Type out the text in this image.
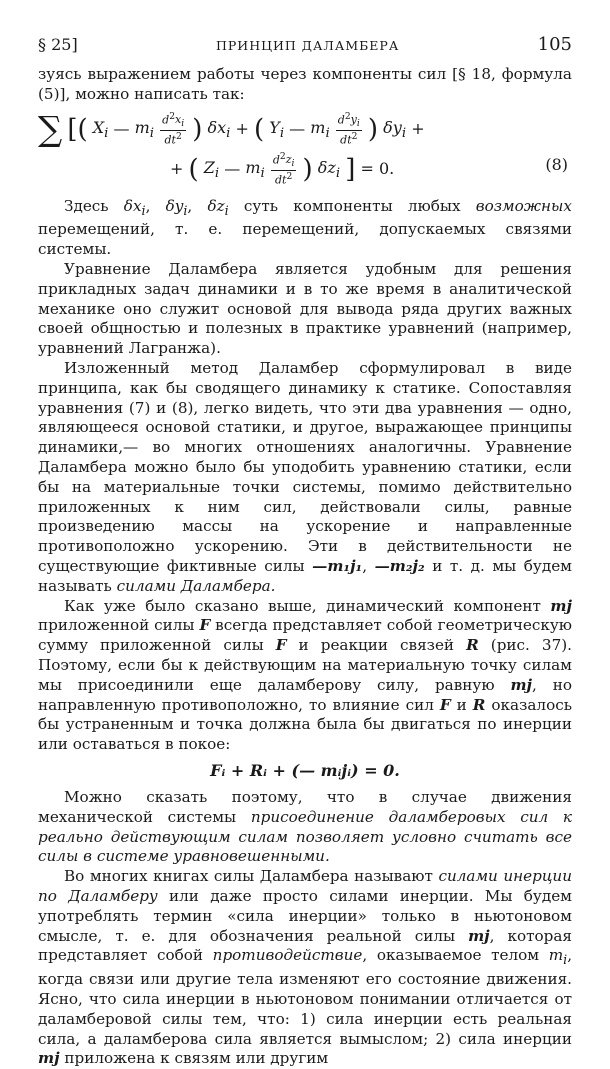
§ 25]	ПРИНЦИП ДАЛАМБЕРА	105

зуясь выражением работы через компоненты сил [§ 18, формула (5)], можно написать так:

∑ [( $X_i$ — $m_i \frac{d^2x_i}{dt^2}$ ) $\delta x_i$ + ( $Y_i$ — $m_i \frac{d^2y_i}{dt^2}$ ) $\delta y_i$ +
+ ( $Z_i$ — $m_i \frac{d^2z_i}{dt^2}$ ) $\delta z_i$ ] = 0.	(8)

Здесь $\delta x_i$, $\delta y_i$, $\delta z_i$ суть компоненты любых возможных перемещений, т. е. перемещений, допускаемых связями системы.

Уравнение Даламбера является удобным для решения прикладных задач динамики и в то же время в аналитической механике оно служит основой для вывода ряда других важных своей общностью и полезных в практике уравнений (например, уравнений Лагранжа).

Изложенный метод Даламбер сформулировал в виде принципа, как бы сводящего динамику к статике. Сопоставляя уравнения (7) и (8), легко видеть, что эти два уравнения — одно, являющееся основой статики, и другое, выражающее принципы динамики,— во многих отношениях аналогичны. Уравнение Даламбера можно было бы уподобить уравнению статики, если бы на материальные точки системы, помимо действительно приложенных к ним сил, действовали силы, равные произведению массы на ускорение и направленные противоположно ускорению. Эти в действительности не существующие фиктивные силы —m₁j₁, —m₂j₂ и т. д. мы будем называть силами Даламбера.

Как уже было сказано выше, динамический компонент mj приложенной силы F всегда представляет собой геометрическую сумму приложенной силы F и реакции связей R (рис. 37). Поэтому, если бы к действующим на материальную точку силам мы присоединили еще даламберову силу, равную mj, но направленную противоположно, то влияние сил F и R оказалось бы устраненным и точка должна была бы двигаться по инерции или оставаться в покое:

Fᵢ + Rᵢ + (— mᵢjᵢ) = 0.

Можно сказать поэтому, что в случае движения механической системы присоединение даламберовых сил к реально действующим силам позволяет условно считать все силы в системе уравновешенными.

Во многих книгах силы Даламбера называют силами инерции по Даламберу или даже просто силами инерции. Мы будем употреблять термин «сила инерции» только в ньютоновом смысле, т. е. для обозначения реальной силы mj, которая представляет собой противодействие, оказываемое телом $m_i$, когда связи или другие тела изменяют его состояние движения. Ясно, что сила инерции в ньютоновом понимании отличается от даламберовой силы тем, что: 1) сила инерции есть реальная сила, а даламберова сила является вымыслом; 2) сила инерции mj приложена к связям или другим
